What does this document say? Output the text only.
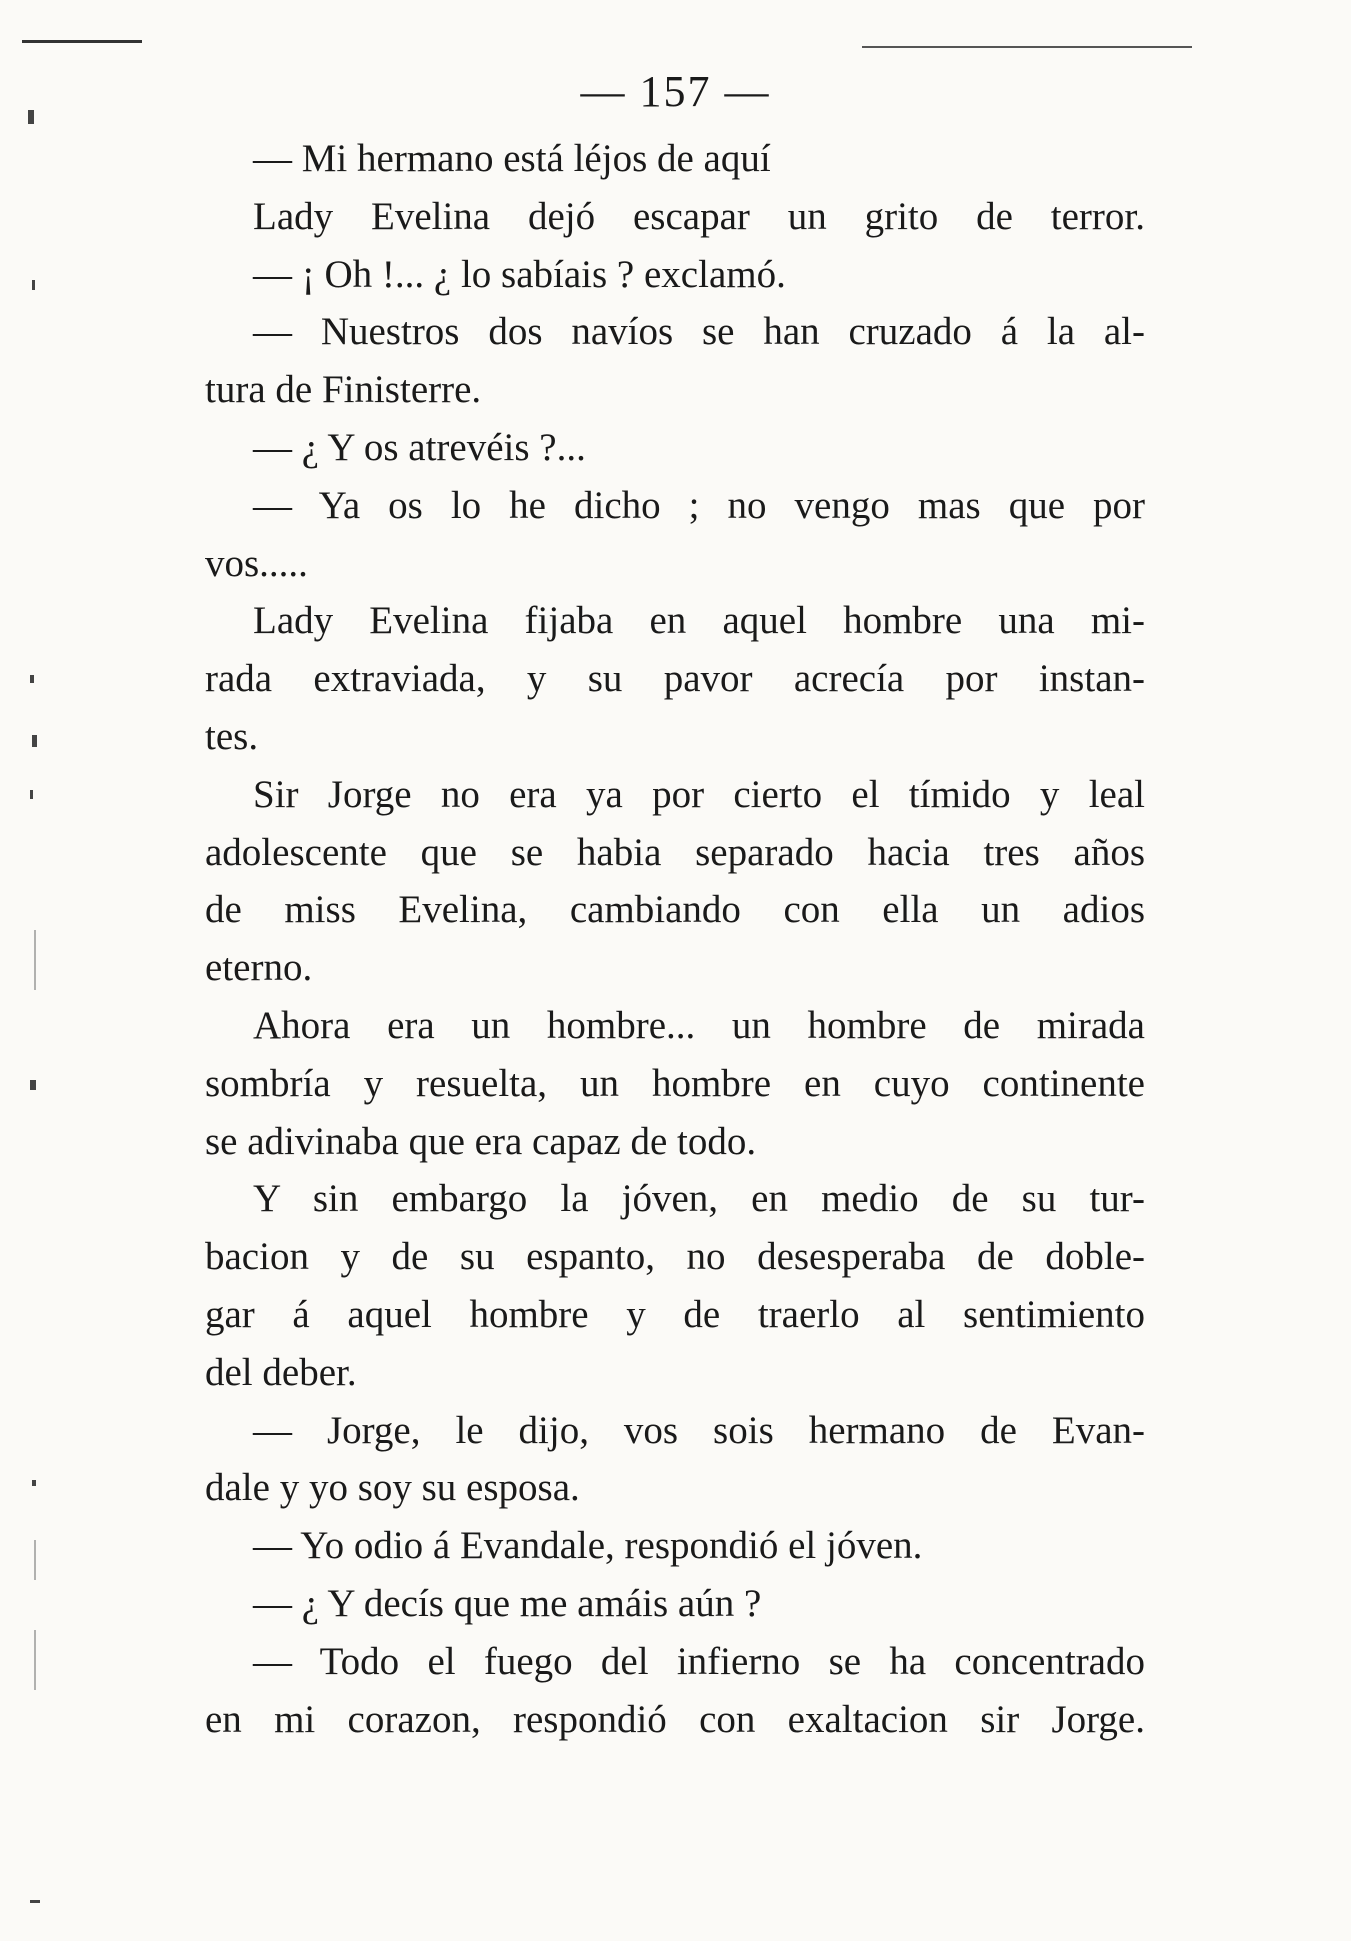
— 157 —
— Mi hermano está léjos de aquí
Lady Evelina dejó escapar un grito de terror.
— ¡ Oh !... ¿ lo sabíais ? exclamó.
— Nuestros dos navíos se han cruzado á la al-
tura de Finisterre.
— ¿ Y os atrevéis ?...
— Ya os lo he dicho ; no vengo mas que por
vos.....
Lady Evelina fijaba en aquel hombre una mi-
rada extraviada, y su pavor acrecía por instan-
tes.
Sir Jorge no era ya por cierto el tímido y leal
adolescente que se habia separado hacia tres años
de miss Evelina, cambiando con ella un adios
eterno.
Ahora era un hombre... un hombre de mirada
sombría y resuelta, un hombre en cuyo continente
se adivinaba que era capaz de todo.
Y sin embargo la jóven, en medio de su tur-
bacion y de su espanto, no desesperaba de doble-
gar á aquel hombre y de traerlo al sentimiento
del deber.
— Jorge, le dijo, vos sois hermano de Evan-
dale y yo soy su esposa.
— Yo odio á Evandale, respondió el jóven.
— ¿ Y decís que me amáis aún ?
— Todo el fuego del infierno se ha concentrado
en mi corazon, respondió con exaltacion sir Jorge.
